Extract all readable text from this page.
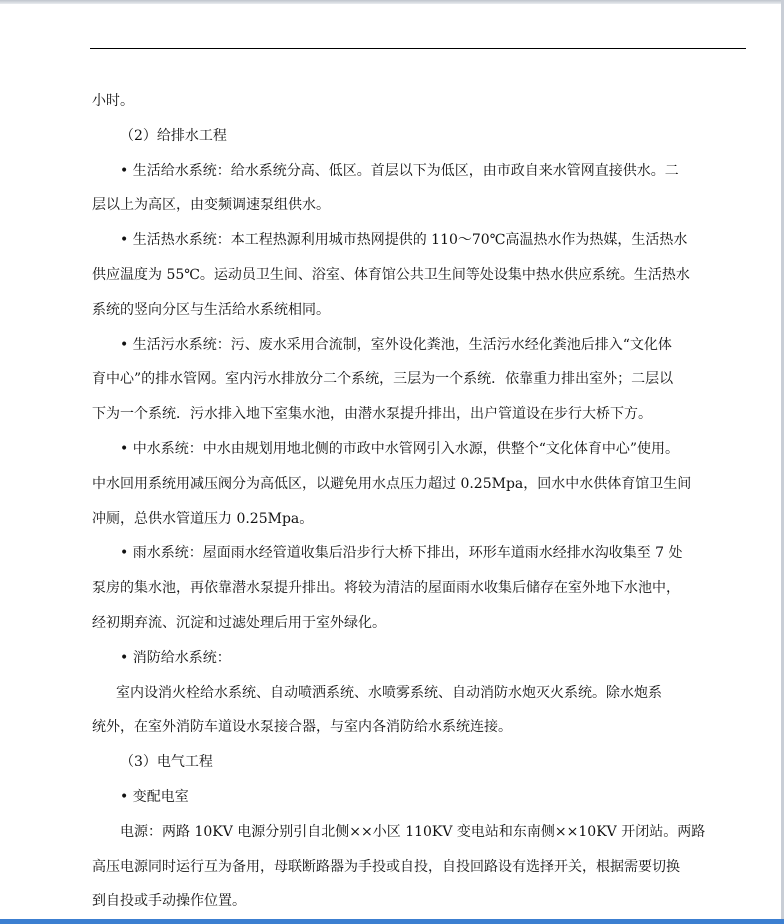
小时。

（2）给排水工程

• 生活给水系统：给水系统分高、低区。首层以下为低区，由市政自来水管网直接供水。二

层以上为高区，由变频调速泵组供水。

• 生活热水系统：本工程热源利用城市热网提供的 110～70℃高温热水作为热媒，生活热水

供应温度为 55℃。运动员卫生间、浴室、体育馆公共卫生间等处设集中热水供应系统。生活热水

系统的竖向分区与生活给水系统相同。

• 生活污水系统：污、废水采用合流制，室外设化粪池，生活污水经化粪池后排入“文化体

育中心”的排水管网。室内污水排放分二个系统，三层为一个系统．依靠重力排出室外；二层以

下为一个系统．污水排入地下室集水池，由潜水泵提升排出，出户管道设在步行大桥下方。

• 中水系统：中水由规划用地北侧的市政中水管网引入水源，供整个“文化体育中心”使用。

中水回用系统用减压阀分为高低区，以避免用水点压力超过 0.25Mpa，回水中水供体育馆卫生间

冲厕，总供水管道压力 0.25Mpa。

• 雨水系统：屋面雨水经管道收集后沿步行大桥下排出，环形车道雨水经排水沟收集至 7 处

泵房的集水池，再依靠潜水泵提升排出。将较为清洁的屋面雨水收集后储存在室外地下水池中，

经初期弃流、沉淀和过滤处理后用于室外绿化。

• 消防给水系统：

室内设消火栓给水系统、自动喷洒系统、水喷雾系统、自动消防水炮灭火系统。除水炮系

统外，在室外消防车道设水泵接合器，与室内各消防给水系统连接。

（3）电气工程

• 变配电室

电源：两路 10KV 电源分别引自北侧××小区 110KV 变电站和东南侧××10KV 开闭站。两路

高压电源同时运行互为备用，母联断路器为手投或自投，自投回路设有选择开关，根据需要切换

到自投或手动操作位置。
